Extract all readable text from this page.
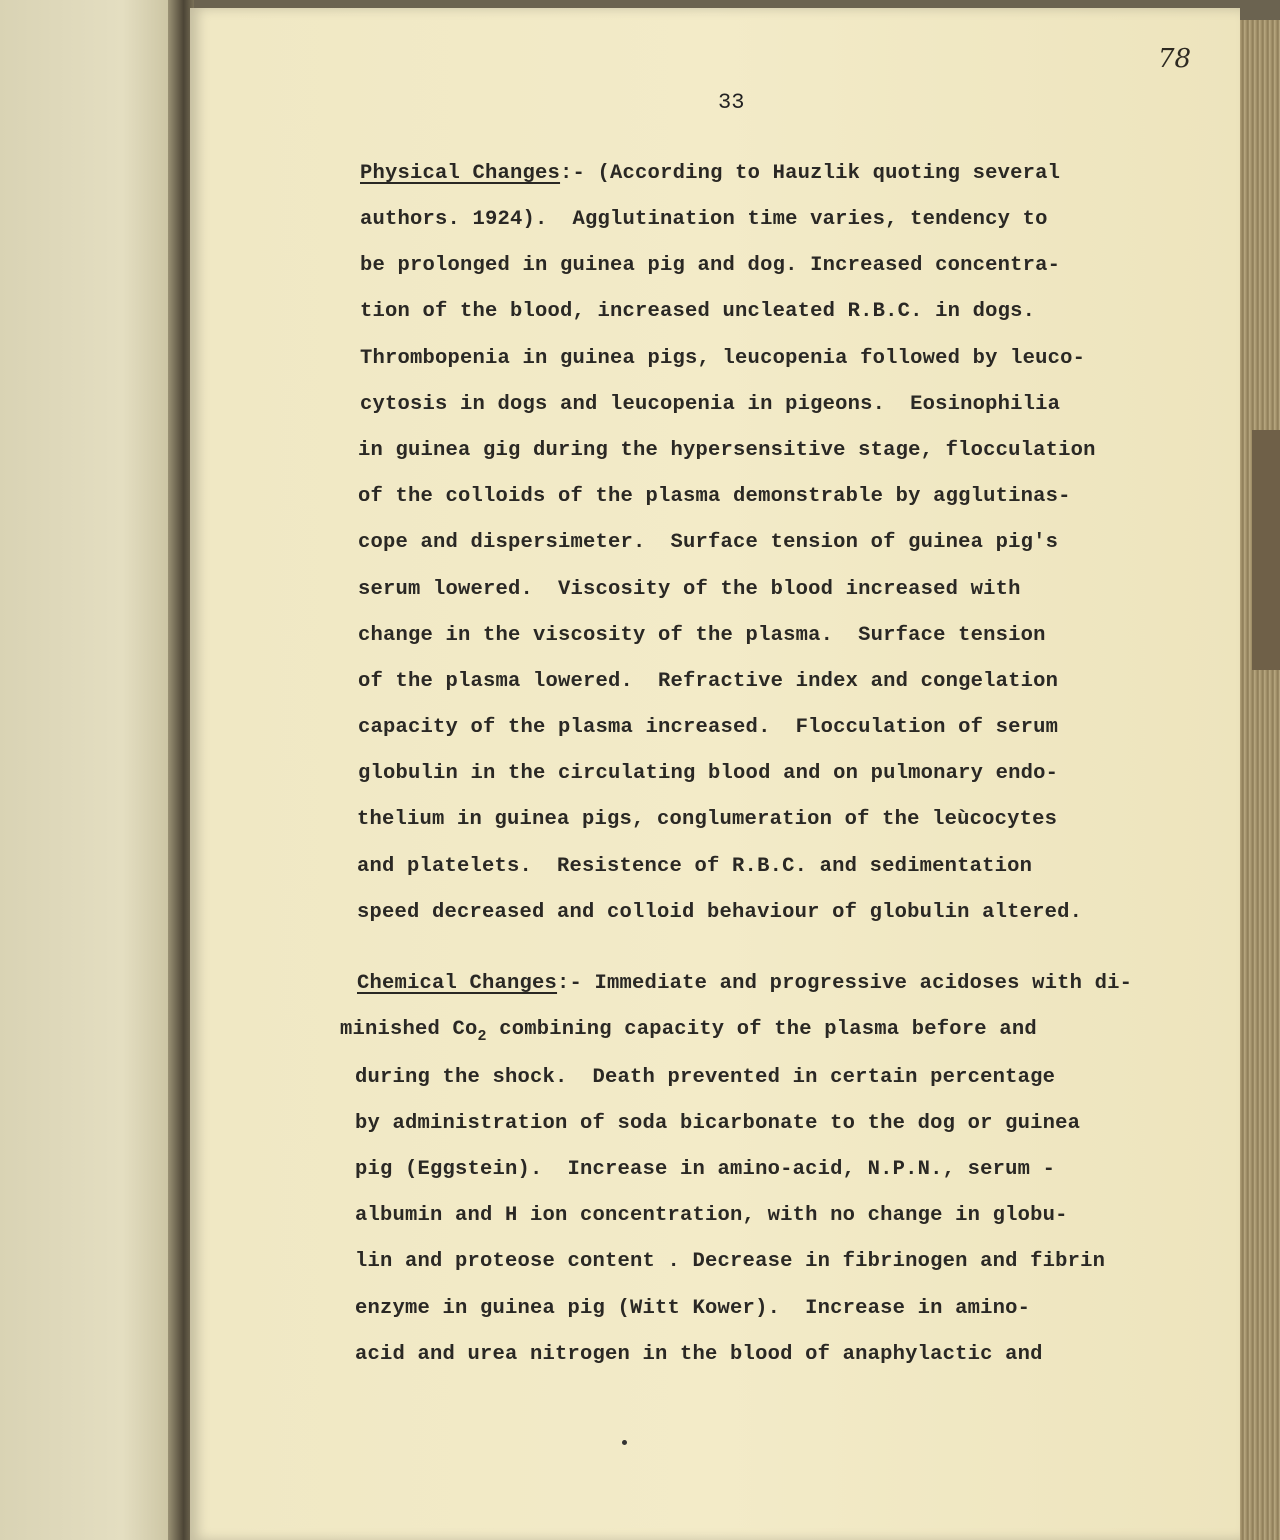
78
33
Physical Changes:- (According to Hauzlik quoting several
authors. 1924).  Agglutination time varies, tendency to
be prolonged in guinea pig and dog. Increased concentra-
tion of the blood, increased uncleated R.B.C. in dogs.
Thrombopenia in guinea pigs, leucopenia followed by leuco-
cytosis in dogs and leucopenia in pigeons.  Eosinophilia
in guinea gig during the hypersensitive stage, flocculation
of the colloids of the plasma demonstrable by agglutinas-
cope and dispersimeter.  Surface tension of guinea pig's
serum lowered.  Viscosity of the blood increased with
change in the viscosity of the plasma.  Surface tension
of the plasma lowered.  Refractive index and congelation
capacity of the plasma increased.  Flocculation of serum
globulin in the circulating blood and on pulmonary endo-
thelium in guinea pigs, conglumeration of the leùcocytes
and platelets.  Resistence of R.B.C. and sedimentation
speed decreased and colloid behaviour of globulin altered.
Chemical Changes:- Immediate and progressive acidoses with di-
minished $Co_2$ combining capacity of the plasma before and
during the shock.  Death prevented in certain percentage
by administration of soda bicarbonate to the dog or guinea
pig (Eggstein).  Increase in amino-acid, N.P.N., serum -
albumin and H ion concentration, with no change in globu-
lin and proteose content . Decrease in fibrinogen and fibrin
enzyme in guinea pig (Witt Kower).  Increase in amino-
acid and urea nitrogen in the blood of anaphylactic and
